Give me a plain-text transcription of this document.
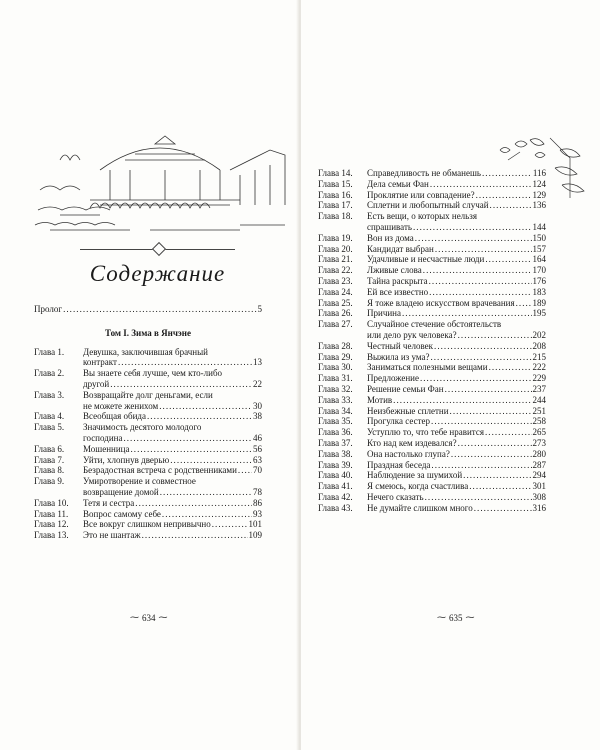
Содержание
Пролог . . .	5
Том I. Зима в Янчэне
Глава 1.	Девушка, заключившая брачный
контракт . . .	13
Глава 2.	Вы знаете себя лучше, чем кто-либо
другой . . .	22
Глава 3.	Возвращайте долг деньгами, если
не можете женихом . . .	30
Глава 4.	Всеобщая обида . . .	38
Глава 5.	Значимость десятого молодого
господина . . .	46
Глава 6.	Мошенница . . .	56
Глава 7.	Уйти, хлопнув дверью . . .	63
Глава 8.	Безрадостная встреча с родственниками . . . 70
Глава 9.	Умиротворение и совместное
возвращение домой . . .	78
Глава 10.	Тетя и сестра . . .	86
Глава 11.	Вопрос самому себе . . .	93
Глава 12.	Все вокруг слишком непривычно . . .	101
Глава 13.	Это не шантаж . . .	109
⁓ 634 ⁓
Глава 14.	Справедливость не обманешь . . .	116
Глава 15.	Дела семьи Фан . . .	124
Глава 16.	Проклятие или совпадение? . . .	129
Глава 17.	Сплетни и любопытный случай . . .	136
Глава 18.	Есть вещи, о которых нельзя
спрашивать . . .	144
Глава 19.	Вон из дома . . .	150
Глава 20.	Кандидат выбран . . .	157
Глава 21.	Удачливые и несчастные люди . . .	164
Глава 22.	Лживые слова . . .	170
Глава 23.	Тайна раскрыта . . .	176
Глава 24.	Ей все известно . . .	183
Глава 25.	Я тоже владею искусством врачевания . . . 189
Глава 26.	Причина . . .	195
Глава 27.	Случайное стечение обстоятельств
или дело рук человека? . . .	202
Глава 28.	Честный человек . . .	208
Глава 29.	Выжила из ума? . . .	215
Глава 30.	Заниматься полезными вещами . . .	222
Глава 31.	Предложение . . .	229
Глава 32.	Решение семьи Фан . . .	237
Глава 33.	Мотив . . .	244
Глава 34.	Неизбежные сплетни . . .	251
Глава 35.	Прогулка сестер . . .	258
Глава 36.	Уступлю то, что тебе нравится . . .	265
Глава 37.	Кто над кем издевался? . . .	273
Глава 38.	Она настолько глупа? . . .	280
Глава 39.	Праздная беседа . . .	287
Глава 40.	Наблюдение за шумихой . . .	294
Глава 41.	Я смеюсь, когда счастлива . . .	301
Глава 42.	Нечего сказать . . .	308
Глава 43.	Не думайте слишком много . . .	316
⁓ 635 ⁓
